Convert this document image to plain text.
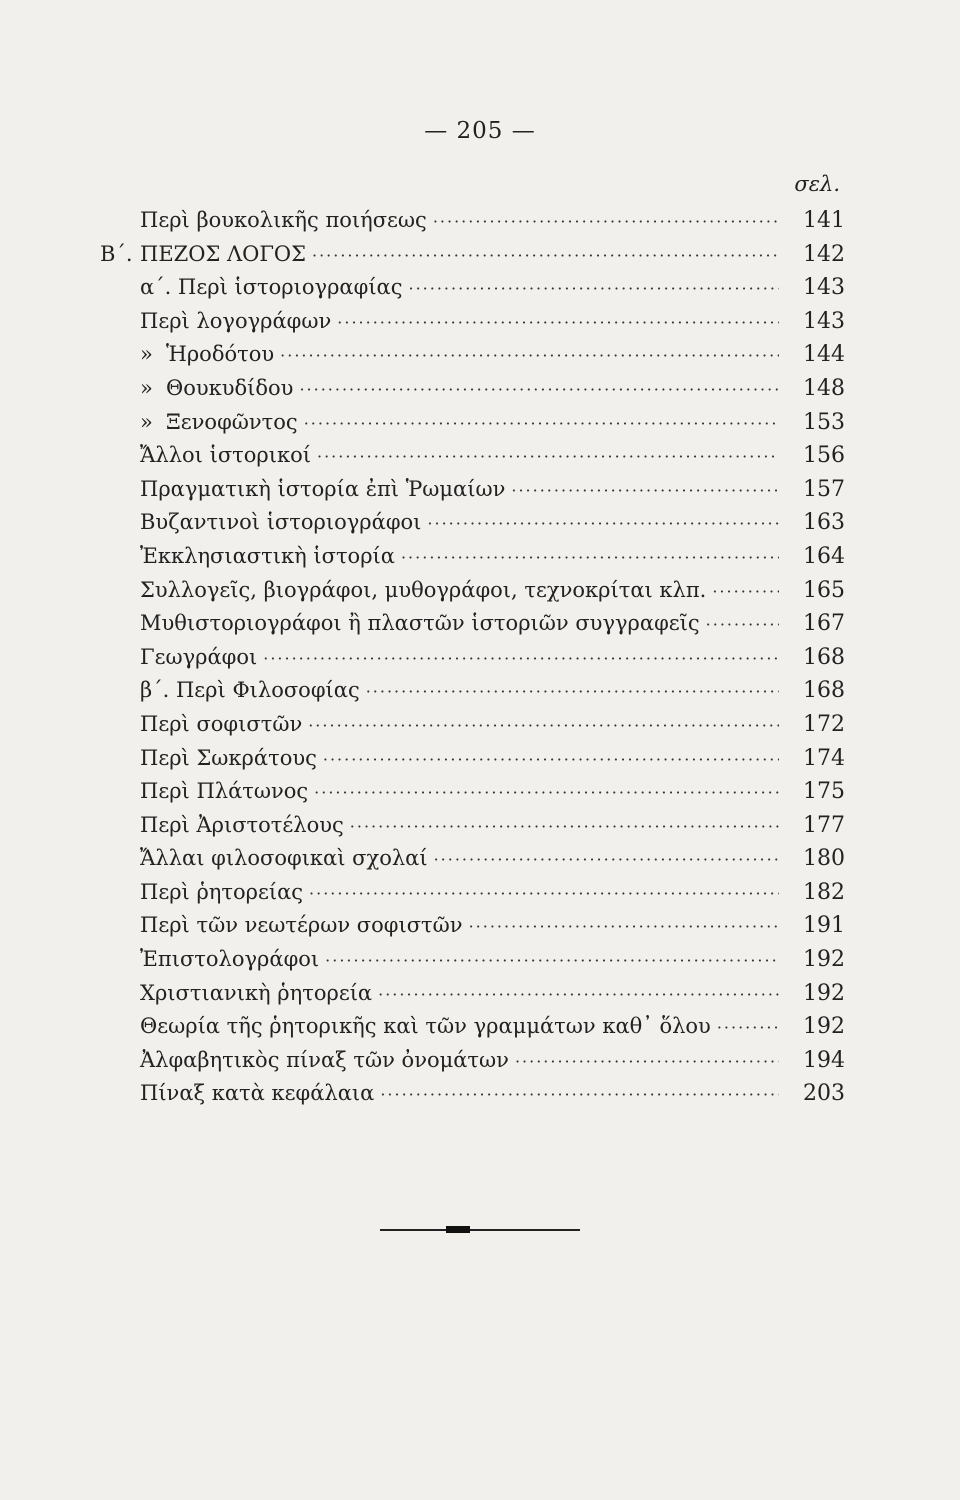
— 205 —
σελ.
Περὶ βουκολικῆς ποιήσεως ·····	141
Β΄. ΠΕΖΟΣ ΛΟΓΟΣ ·····	142
α΄. Περὶ ἱστοριογραφίας ·····	143
Περὶ λογογράφων ·····	143
» Ἡροδότου ·····	144
» Θουκυδίδου ·····	148
» Ξενοφῶντος ·····	153
Ἄλλοι ἱστορικοί ·····	156
Πραγματικὴ ἱστορία ἐπὶ Ῥωμαίων ·····	157
Βυζαντινοὶ ἱστοριογράφοι ·····	163
Ἐκκλησιαστικὴ ἱστορία ·····	164
Συλλογεῖς, βιογράφοι, μυθογράφοι, τεχνοκρίται κλπ. ·····	165
Μυθιστοριογράφοι ἢ πλαστῶν ἱστοριῶν συγγραφεῖς ·····	167
Γεωγράφοι ·····	168
β΄. Περὶ Φιλοσοφίας ·····	168
Περὶ σοφιστῶν ·····	172
Περὶ Σωκράτους ·····	174
Περὶ Πλάτωνος ·····	175
Περὶ Ἀριστοτέλους ·····	177
Ἄλλαι φιλοσοφικαὶ σχολαί ·····	180
Περὶ ῥητορείας ·····	182
Περὶ τῶν νεωτέρων σοφιστῶν ·····	191
Ἐπιστολογράφοι ·····	192
Χριστιανικὴ ῥητορεία ·····	192
Θεωρία τῆς ῥητορικῆς καὶ τῶν γραμμάτων καθ᾽ ὅλου ·····	192
Ἀλφαβητικὸς πίναξ τῶν ὀνομάτων ·····	194
Πίναξ κατὰ κεφάλαια ·····	203
